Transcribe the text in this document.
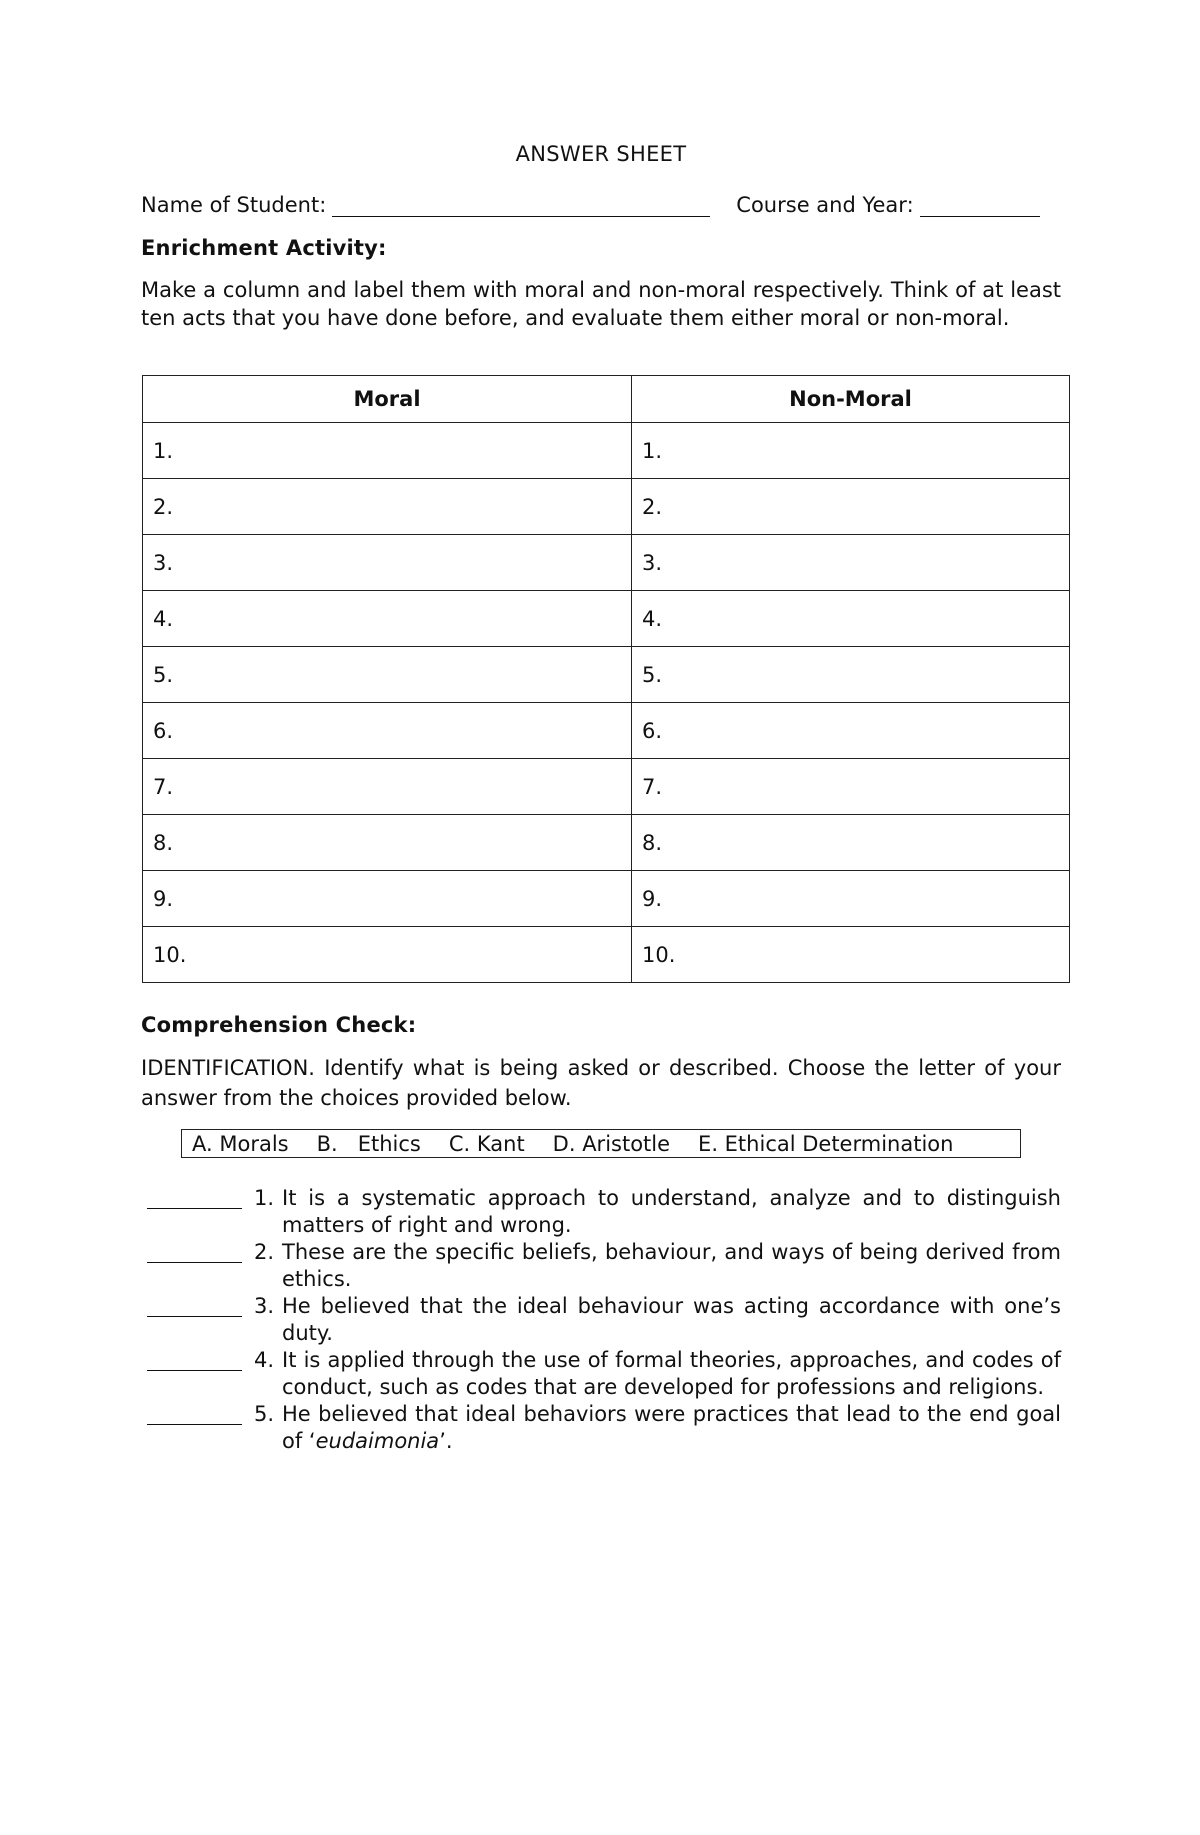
ANSWER SHEET
Name of Student:	Course and Year:
Enrichment Activity:
Make a column and label them with moral and non-moral respectively. Think of at least ten acts that you have done before, and evaluate them either moral or non-moral.
Moral	Non-Moral
1.	1.
2.	2.
3.	3.
4.	4.
5.	5.
6.	6.
7.	7.
8.	8.
9.	9.
10.	10.
Comprehension Check:
IDENTIFICATION. Identify what is being asked or described. Choose the letter of your answer from the choices provided below.
A. Morals B.   Ethics C. Kant D. Aristotle E. Ethical Determination
1. It is a systematic approach to understand, analyze and to distinguish matters of right and wrong.
2. These are the specific beliefs, behaviour, and ways of being derived from ethics.
3. He believed that the ideal behaviour was acting accordance with one’s duty.
4. It is applied through the use of formal theories, approaches, and codes of conduct, such as codes that are developed for professions and religions.
5. He believed that ideal behaviors were practices that lead to the end goal of ‘eudaimonia’.
